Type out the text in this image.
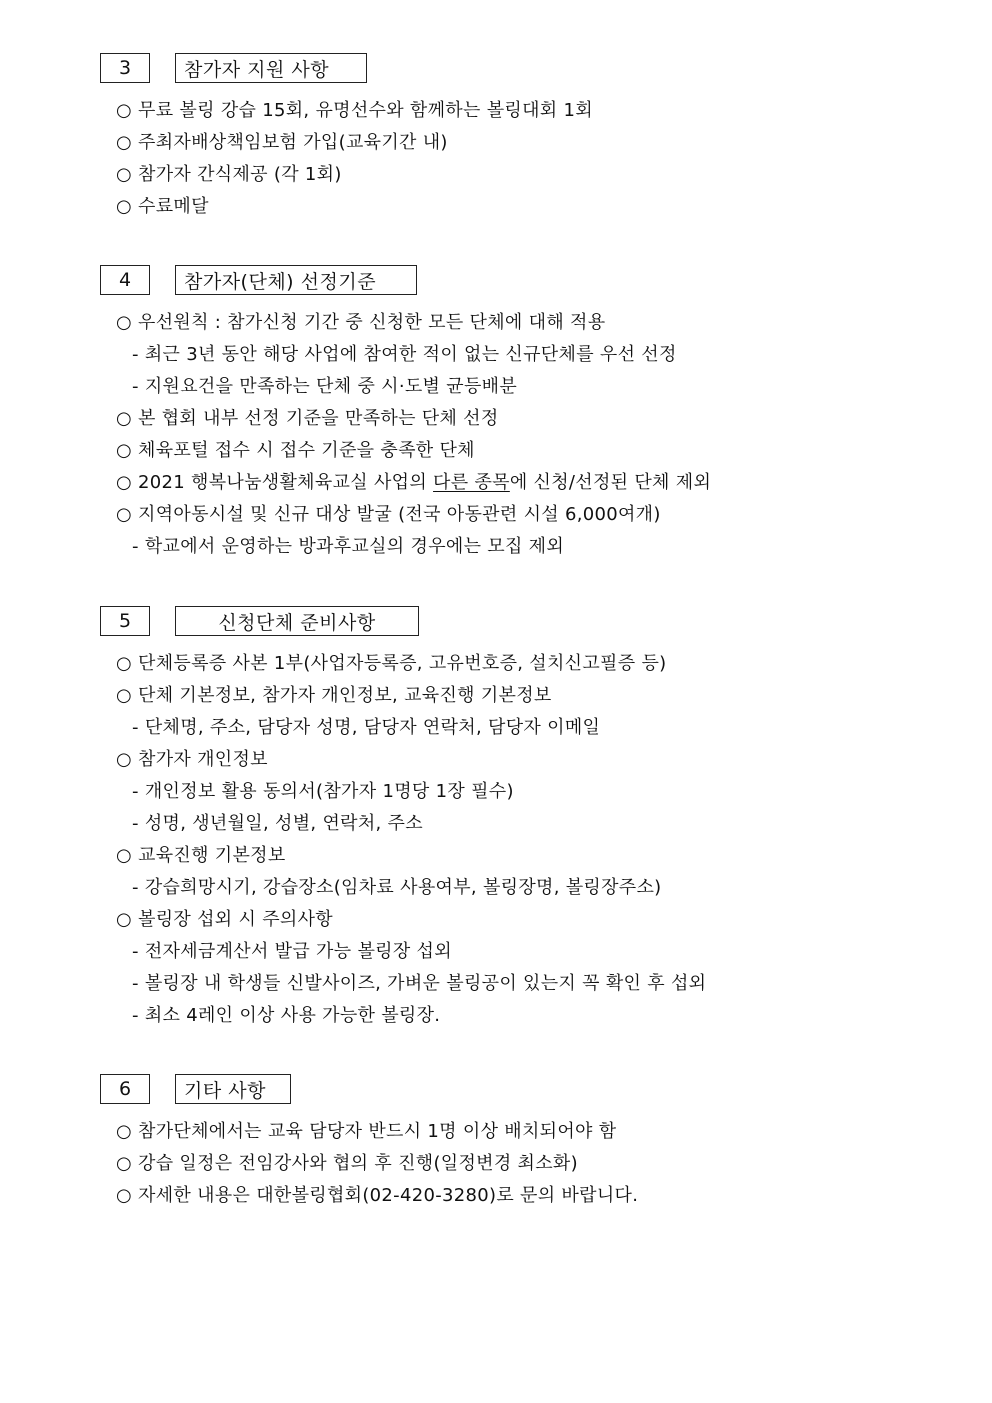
3	참가자 지원 사항
○ 무료 볼링 강습 15회, 유명선수와 함께하는 볼링대회 1회
○ 주최자배상책임보험 가입(교육기간 내)
○ 참가자 간식제공 (각 1회)
○ 수료메달
4	참가자(단체) 선정기준
○ 우선원칙 : 참가신청 기간 중 신청한 모든 단체에 대해 적용
- 최근 3년 동안 해당 사업에 참여한 적이 없는 신규단체를 우선 선정
- 지원요건을 만족하는 단체 중 시·도별 균등배분
○ 본 협회 내부 선정 기준을 만족하는 단체 선정
○ 체육포털 접수 시 접수 기준을 충족한 단체
○ 2021 행복나눔생활체육교실 사업의 다른 종목에 신청/선정된 단체 제외
○ 지역아동시설 및 신규 대상 발굴 (전국 아동관련 시설 6,000여개)
- 학교에서 운영하는 방과후교실의 경우에는 모집 제외
5	신청단체 준비사항
○ 단체등록증 사본 1부(사업자등록증, 고유번호증, 설치신고필증 등)
○ 단체 기본정보, 참가자 개인정보, 교육진행 기본정보
- 단체명, 주소, 담당자 성명, 담당자 연락처, 담당자 이메일
○ 참가자 개인정보
- 개인정보 활용 동의서(참가자 1명당 1장 필수)
- 성명, 생년월일, 성별, 연락처, 주소
○ 교육진행 기본정보
- 강습희망시기, 강습장소(임차료 사용여부, 볼링장명, 볼링장주소)
○ 볼링장 섭외 시 주의사항
- 전자세금계산서 발급 가능 볼링장 섭외
- 볼링장 내 학생들 신발사이즈, 가벼운 볼링공이 있는지 꼭 확인 후 섭외
- 최소 4레인 이상 사용 가능한 볼링장.
6	기타 사항
○ 참가단체에서는 교육 담당자 반드시 1명 이상 배치되어야 함
○ 강습 일정은 전임강사와 협의 후 진행(일정변경 최소화)
○ 자세한 내용은 대한볼링협회(02-420-3280)로 문의 바랍니다.
